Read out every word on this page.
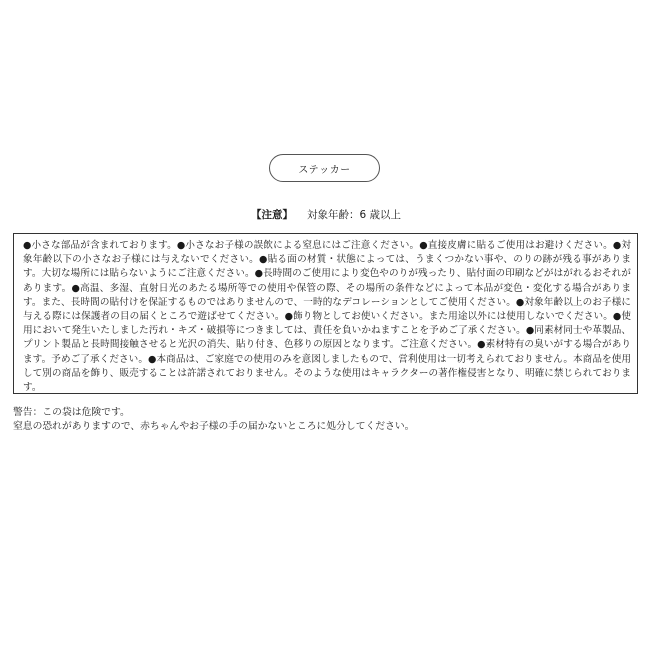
ステッカー
【注意】 対象年齢：6 歳以上
●小さな部品が含まれております。●小さなお子様の誤飲による窒息にはご注意ください。●直接皮膚に貼るご使用はお避けください。●対象年齢以下の小さなお子様には与えないでください。●貼る面の材質・状態によっては、うまくつかない事や、のりの跡が残る事があります。大切な場所には貼らないようにご注意ください。●長時間のご使用により変色やのりが残ったり、貼付面の印刷などがはがれるおそれがあります。●高温、多湿、直射日光のあたる場所等での使用や保管の際、その場所の条件などによって本品が変色・変化する場合があります。また、長時間の貼付けを保証するものではありませんので、一時的なデコレーションとしてご使用ください。●対象年齢以上のお子様に与える際には保護者の目の届くところで遊ばせてください。●飾り物としてお使いください。また用途以外には使用しないでください。●使用において発生いたしました汚れ・キズ・破損等につきましては、責任を負いかねますことを予めご了承ください。●同素材同士や革製品、プリント製品と長時間接触させると光沢の消失、貼り付き、色移りの原因となります。ご注意ください。●素材特有の臭いがする場合があります。予めご了承ください。●本商品は、ご家庭での使用のみを意図しましたもので、営利使用は一切考えられておりません。本商品を使用して別の商品を飾り、販売することは許諾されておりません。そのような使用はキャラクターの著作権侵害となり、明確に禁じられております。
警告：この袋は危険です。
窒息の恐れがありますので、赤ちゃんやお子様の手の届かないところに処分してください。
